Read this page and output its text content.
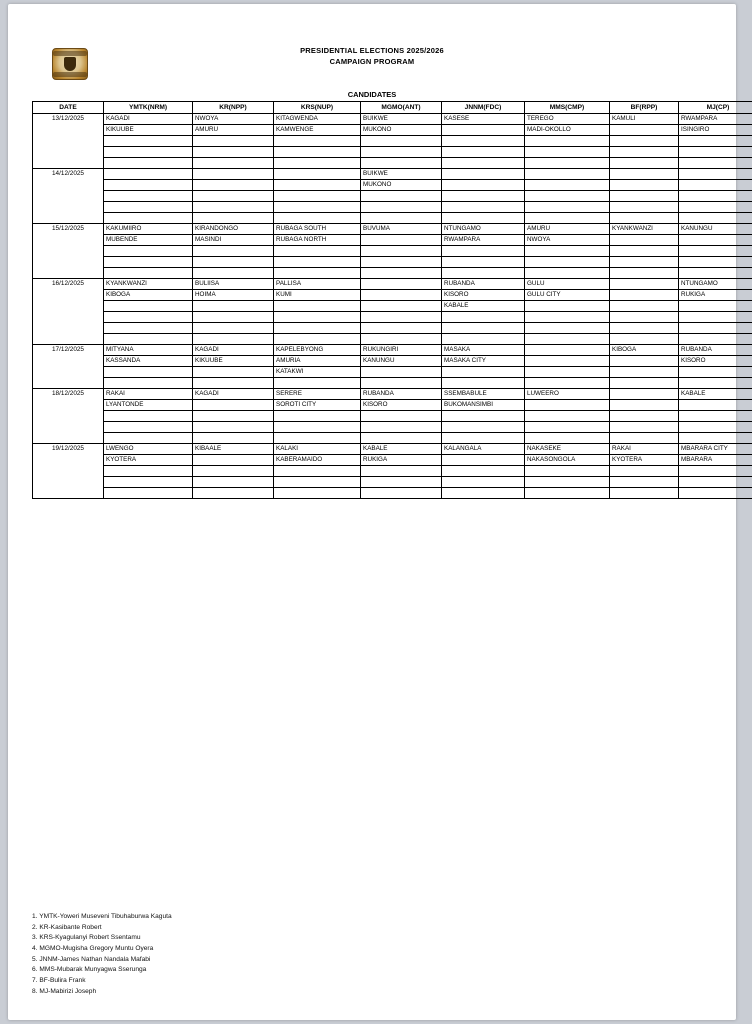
PRESIDENTIAL ELECTIONS 2025/2026
CAMPAIGN PROGRAM
CANDIDATES
DATE	YMTK(NRM)	KR(NPP)	KRS(NUP)	MGMO(ANT)	JNNM(FDC)	MMS(CMP)	BF(RPP)	MJ(CP)
13/12/2025	KAGADI	NWOYA	KITAGWENDA	BUIKWE	KASESE	TEREGO	KAMULI	RWAMPARA
	KIKUUBE	AMURU	KAMWENGE	MUKONO		MADI-OKOLLO		ISINGIRO

14/12/2025				BUIKWE				
				MUKONO				

15/12/2025	KAKUMIIRO	KIRANDONGO	RUBAGA SOUTH	BUVUMA	NTUNGAMO	AMURU	KYANKWANZI	KANUNGU
	MUBENDE	MASINDI	RUBAGA NORTH		RWAMPARA	NWOYA		

16/12/2025	KYANKWANZI	BULIISA	PALLISA		RUBANDA	GULU		NTUNGAMO
	KIBOGA	HOIMA	KUMI		KISORO	GULU CITY		RUKIGA
					KABALE			

17/12/2025	MITYANA	KAGADI	KAPELEBYONG	RUKUNGIRI	MASAKA		KIBOGA	RUBANDA
	KASSANDA	KIKUUBE	AMURIA	KANUNGU	MASAKA CITY			KISORO
			KATAKWI					

18/12/2025	RAKAI	KAGADI	SERERE	RUBANDA	SSEMBABULE	LUWEERO		KABALE
	LYANTONDE		SOROTI CITY	KISORO	BUKOMANSIMBI			

19/12/2025	LWENGO	KIBAALE	KALAKI	KABALE	KALANGALA	NAKASEKE	RAKAI	MBARARA CITY
	KYOTERA		KABERAMAIDO	RUKIGA		NAKASONGOLA	KYOTERA	MBARARA

1. YMTK-Yoweri Museveni Tibuhaburwa Kaguta
2. KR-Kasibante Robert
3. KRS-Kyagulanyi Robert Ssentamu
4. MGMO-Mugisha Gregory Muntu Oyera
5. JNNM-James Nathan Nandala Mafabi
6. MMS-Mubarak Munyagwa Sserunga
7. BF-Bulira Frank
8. MJ-Mabirizi Joseph
